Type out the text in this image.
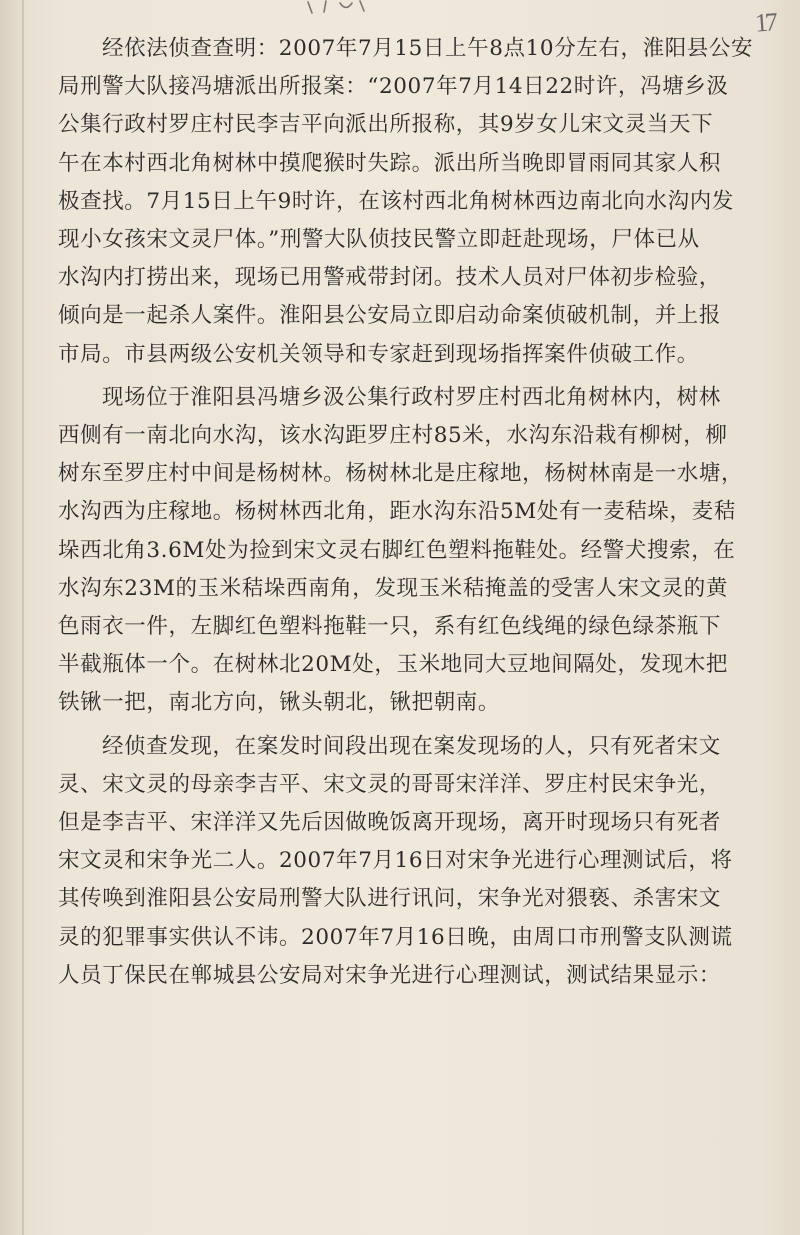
17
经依法侦查查明：2007年7月15日上午8点10分左右，淮阳县公安
局刑警大队接冯塘派出所报案：“2007年7月14日22时许，冯塘乡汲
公集行政村罗庄村民李吉平向派出所报称，其9岁女儿宋文灵当天下
午在本村西北角树林中摸爬猴时失踪。派出所当晚即冒雨同其家人积
极查找。7月15日上午9时许，在该村西北角树林西边南北向水沟内发
现小女孩宋文灵尸体。”刑警大队侦技民警立即赶赴现场，尸体已从
水沟内打捞出来，现场已用警戒带封闭。技术人员对尸体初步检验，
倾向是一起杀人案件。淮阳县公安局立即启动命案侦破机制，并上报
市局。市县两级公安机关领导和专家赶到现场指挥案件侦破工作。
现场位于淮阳县冯塘乡汲公集行政村罗庄村西北角树林内，树林
西侧有一南北向水沟，该水沟距罗庄村85米，水沟东沿栽有柳树，柳
树东至罗庄村中间是杨树林。杨树林北是庄稼地，杨树林南是一水塘，
水沟西为庄稼地。杨树林西北角，距水沟东沿5M处有一麦秸垛，麦秸
垛西北角3.6M处为捡到宋文灵右脚红色塑料拖鞋处。经警犬搜索，在
水沟东23M的玉米秸垛西南角，发现玉米秸掩盖的受害人宋文灵的黄
色雨衣一件，左脚红色塑料拖鞋一只，系有红色线绳的绿色绿茶瓶下
半截瓶体一个。在树林北20M处，玉米地同大豆地间隔处，发现木把
铁锹一把，南北方向，锹头朝北，锹把朝南。
经侦查发现，在案发时间段出现在案发现场的人，只有死者宋文
灵、宋文灵的母亲李吉平、宋文灵的哥哥宋洋洋、罗庄村民宋争光，
但是李吉平、宋洋洋又先后因做晚饭离开现场，离开时现场只有死者
宋文灵和宋争光二人。2007年7月16日对宋争光进行心理测试后，将
其传唤到淮阳县公安局刑警大队进行讯问，宋争光对猥亵、杀害宋文
灵的犯罪事实供认不讳。2007年7月16日晚，由周口市刑警支队测谎
人员丁保民在郸城县公安局对宋争光进行心理测试，测试结果显示：
